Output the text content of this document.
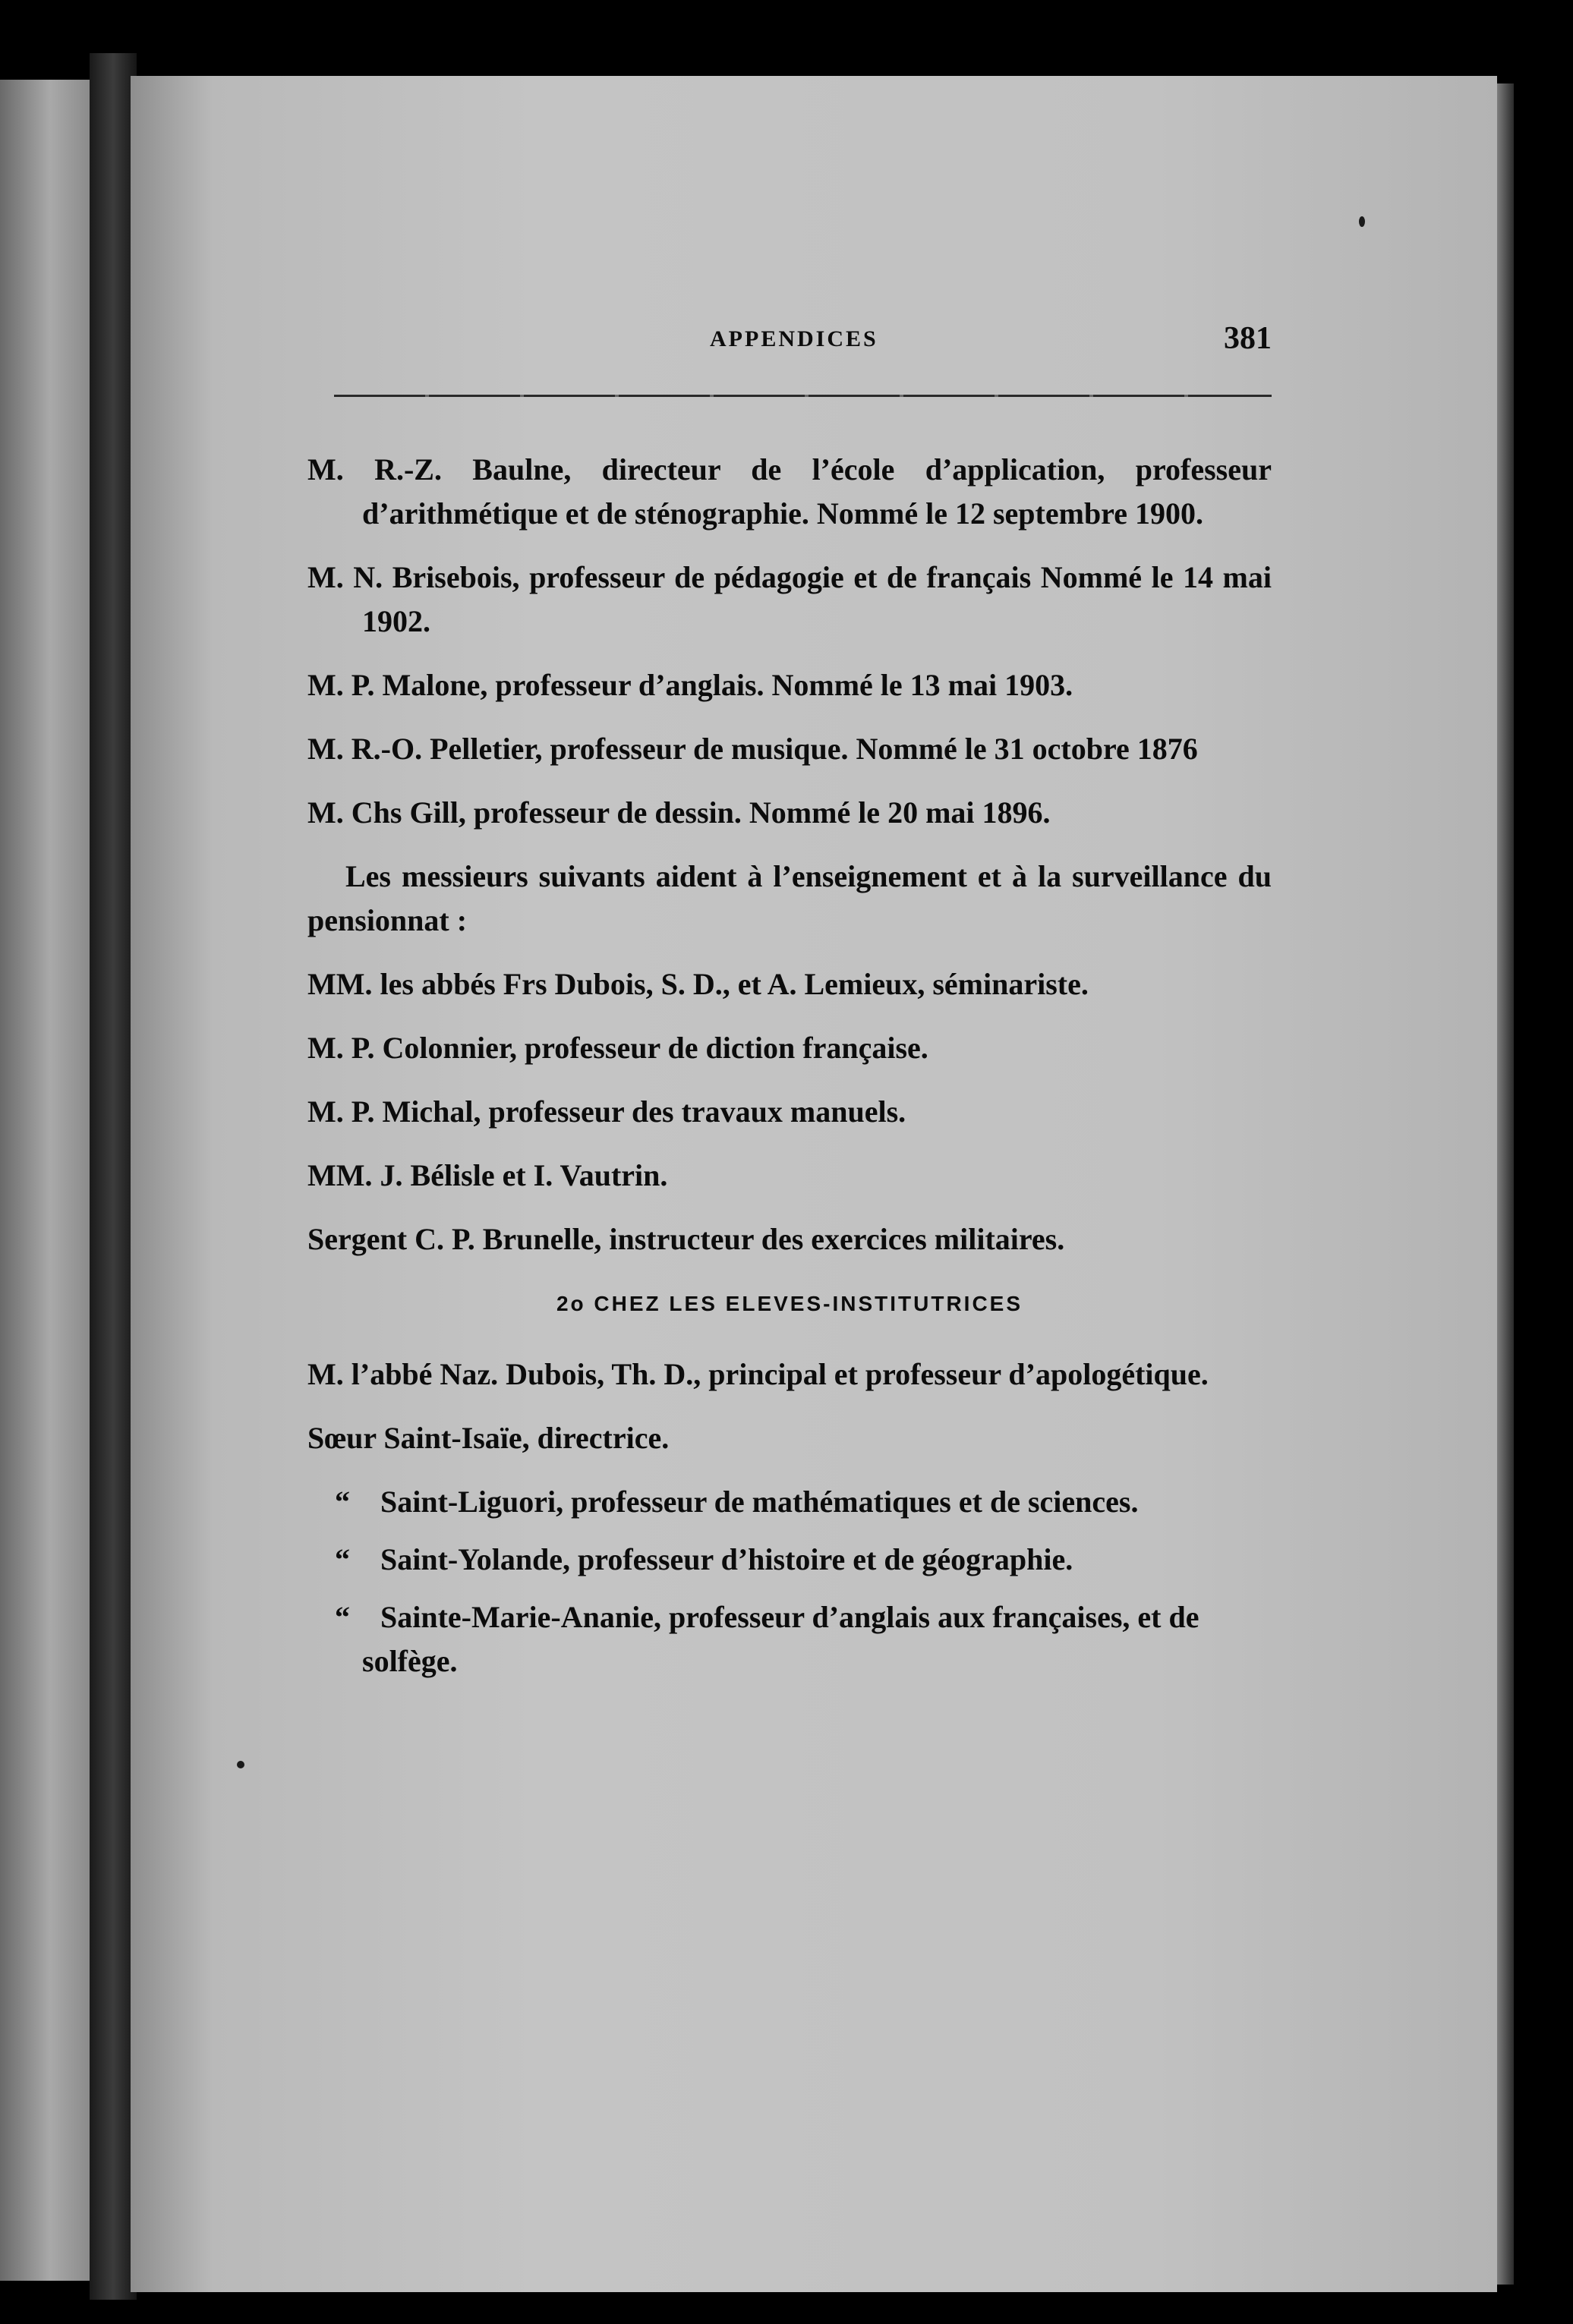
APPENDICES	381
M. R.-Z. Baulne, directeur de l’école d’application, professeur d’arithmétique et de sténographie. Nommé le 12 septembre 1900.
M. N. Brisebois, professeur de pédagogie et de français Nommé le 14 mai 1902.
M. P. Malone, professeur d’anglais. Nommé le 13 mai 1903.
M. R.-O. Pelletier, professeur de musique. Nommé le 31 octobre 1876
M. Chs Gill, professeur de dessin. Nommé le 20 mai 1896.
Les messieurs suivants aident à l’enseignement et à la surveillance du pensionnat :
MM. les abbés Frs Dubois, S. D., et A. Lemieux, séminariste.
M. P. Colonnier, professeur de diction française.
M. P. Michal, professeur des travaux manuels.
MM. J. Bélisle et I. Vautrin.
Sergent C. P. Brunelle, instructeur des exercices militaires.
2o CHEZ LES ELEVES-INSTITUTRICES
M. l’abbé Naz. Dubois, Th. D., principal et professeur d’apologétique.
Sœur Saint-Isaïe, directrice.
“ Saint-Liguori, professeur de mathématiques et de sciences.
“ Saint-Yolande, professeur d’histoire et de géographie.
“ Sainte-Marie-Ananie, professeur d’anglais aux françaises, et de solfège.
